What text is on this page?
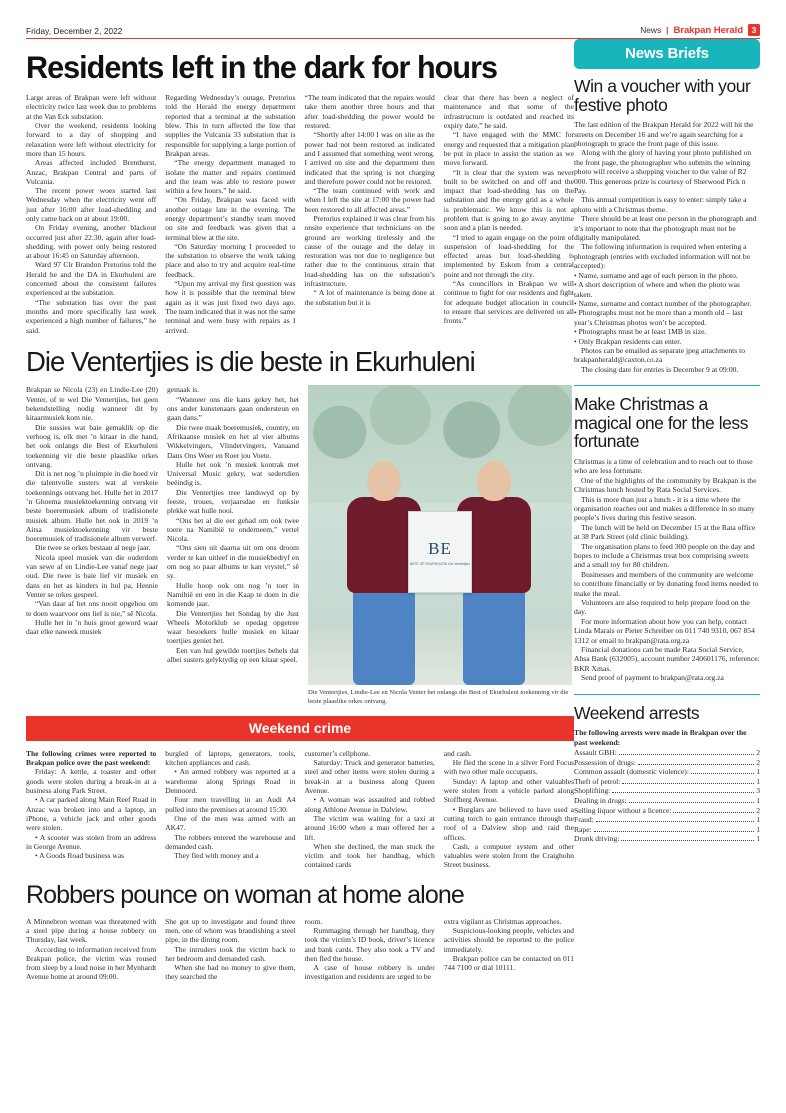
Friday, December 2, 2022	News | Brakpan Herald	3
Residents left in the dark for hours

Large areas of Brakpan were left without electricity twice last week due to problems at the Van Eck substation.

Over the weekend, residents looking forward to a day of shopping and relaxation were left without electricity for more than 15 hours.

Areas affected included Brenthurst, Anzac, Brakpan Central and parts of Vulcania.

The recent power woes started last Wednesday when the electricity went off just after 16:00 after load-shedding and only came back on at about 19:00.

On Friday evening, another blackout occurred just after 22:30, again after load-shedding, with power only being restored at about 16:45 on Saturday afternoon.

Ward 97 Clr Brandon Pretorius told the Herald he and the DA in Ekurhuleni are concerned about the consistent failures experienced at the substation.

“The substation has over the past months and more specifically last week experienced a high number of failures,” he said.

Regarding Wednesday’s outage, Pretorius told the Herald the energy department reported that a terminal at the substation blew. This in turn affected the line that supplies the Vulcania 33 substation that is responsible for supplying a large portion of Brakpan areas.

“The energy department managed to isolate the matter and repairs continued and the team was able to restore power within a few hours,” he said.

“On Friday, Brakpan was faced with another outage late in the evening. The energy department’s standby team moved on site and feedback was given that a terminal blew at the site.

“On Saturday morning I proceeded to the substation to observe the work taking place and also to try and acquire real-time feedback.

“Upon my arrival my first question was how it is possible that the terminal blew again as it was just fixed two days ago. The team indicated that it was not the same terminal and were busy with repairs as I arrived.

“The team indicated that the repairs would take them another three hours and that after load-shedding the power would be restored.

“Shortly after 14:00 I was on site as the power had not been restored as indicated and I assumed that something went wrong. I arrived on site and the department then indicated that the spring is not charging and therefore power could not be restored.

“The team continued with work and when I left the site at 17:00 the power had been restored to all affected areas.”

Pretorius explained it was clear from his onsite experience that technicians on the ground are working tirelessly and the cause of the outage and the delay in restoration was not due to negligence but rather due to the continuous strain that load-shedding has on the substation’s infrastructure.

“ A lot of maintenance is being done at the substation but it is

clear that there has been a neglect of maintenance and that some of the infrastructure is outdated and reached its expiry date,” he said.

“I have engaged with the MMC for energy and requested that a mitigation plan be put in place to assist the station as we move forward.

“It is clear that the system was never built to be switched on and off and the impact that load-shedding has on the substation and the energy grid as a whole is problematic. We know this is not a problem that is going to go away anytime soon and a plan is needed.

“I tried to again engage on the point of suspension of load-shedding for the effected areas but load-shedding is implemented by Eskom from a central point and not through the city.

“As councillors in Brakpan we will continue to fight for our residents and fight for adequate budget allocation in council to ensure that services are delivered on all fronts.”

Die Ventertjies is die beste in Ekurhuleni

Brakpan se Nicola (23) en Lindie-Lee (20) Venter, of te wel Die Ventertjies, het geen bekendstelling nodig wanneer dit by kitaarmusiek kom nie.

Die sussies wat baie gemaklik op die verhoog is, elk met ’n kitaar in die hand, het ook onlangs die Best of Ekurhuleni toekenning vir die beste plaaslike orkes ontvang.

Dit is net nog ’n pluimpie in die hoed vir die talentvolle susters wat al verskeie toekennings ontvang het. Hulle het in 2017 ’n Ghoema musiektoekenning ontvang vir beste boeremusiek album of tradisionele musiek album. Hulle het ook in 2019 ’n Aitsa musiektoekenning vir beste boeremusiek of tradisionele album verwerf.

Die twee se orkes bestaan al nege jaar.

Nicola speel musiek van die ouderdom van sewe af en Lindie-Lee vanaf nege jaar oud. Die twee is baie lief vir musiek en dans en het as kinders in hul pa, Hennie Venter se orkes gespeel.

“Van daar af het ons nooit opgehou om te doen waarvoor ons lief is nie,” sê Nicola.

Hulle het in ’n huis groot geword waar daar elke naweek musiek

gemaak is.

“Wanneer ons die kans gekry het, het ons ander kunstenaars gaan ondersteun en gaan dans.”

Die twee maak boeremusiek, country, en Afrikaanse musiek en het al vier albums Wikkelvingers, Vlindervingers, Vanaand Dans Ons Weer en Roer jou Voete.

Hulle het ook ’n musiek kontrak met Universal Music gekry, wat sedertdien beëindig is.

Die Ventertjies tree landswyd op by feeste, troues, verjaarsdae en funksie plekke wat hulle nooi.

“Ons het al die eer gehad om ook twee toere na Namibië te onderneem,” vertel Nicola.

“Ons sien uit daarna uit om ons droom verder te kan uitleef in die musiekbedryf en om nog so paar albums te kan vrystel,” sê sy.

Hulle hoop ook om nog ’n toer in Namibië en een in die Kaap te doen in die komende jaar.

Die Ventertjies het Sondag by die Just Wheels Motorklub se opedag opgetree waar besoekers hulle musiek en kitaar toertjies geniet het.

Een van hul gewilde toertjies behels dat albei susters gelyktydig op een kitaar speel.

BE
BEST OF EKURHULENI Die Ventertjies
Die Ventertjies, Lindie-Lee en Nicola Venter het onlangs die Best of Ekurhuleni toekenning vir die beste plaaslike orkes ontvang.
Weekend crime

The following crimes were reported to Brakpan police over the past weekend:

Friday: A kettle, a toaster and other goods were stolen during a break-in at a business along Park Street.

• A car parked along Main Reef Road in Anzac was broken into and a laptop, an iPhone, a vehicle jack and other goods were stolen.

• A scooter was stolen from an address in George Avenue.

• A Goods Road business was

burgled of laptops, generators, tools, kitchen appliances and cash.

• An armed robbery was reported at a warehouse along Springs Road in Dennoord.

Four men travelling in an Audi A4 pulled into the premises at around 15:30.

One of the men was armed with an AK47.

The robbers entered the warehouse and demanded cash.

They fled with money and a

customer’s cellphone.

Saturday: Truck and generator batteries, steel and other items were stolen during a break-in at a business along Queen Avenue.

• A woman was assaulted and robbed along Athlone Avenue in Dalview.

The victim was waiting for a taxi at around 16:00 when a man offered her a lift.

When she declined, the man stuck the victim and took her handbag, which contained cards

and cash.

He fled the scene in a silver Ford Focus with two other male occupants.

Sunday: A laptop and other valuables were stolen from a vehicle parked along Stoffberg Avenue.

• Burglars are believed to have used a cutting torch to gain entrance through the roof of a Dalview shop and raid the offices.

Cash, a computer system and other valuables were stolen from the Craighohn Street business.

Robbers pounce on woman at home alone

A Minnebron woman was threatened with a steel pipe during a house robbery on Thursday, last week.

According to information received from Brakpan police, the victim was roused from sleep by a loud noise in her Mynhardt Avenue home at around 09:00.

She got up to investigate and found three men, one of whom was brandishing a steel pipe, in the dining room.

The intruders took the victim back to her bedroom and demanded cash.

When she had no money to give them, they searched the

room.

Rummaging through her handbag, they took the victim’s ID book, driver’s licence and bank cards. They also took a TV and then fled the house.

A case of house robbery is under investigation and residents are urged to be

extra vigilant as Christmas approaches.

Suspicious-looking people, vehicles and activities should be reported to the police immediately.

Brakpan police can be contacted on 011 744 7100 or dial 10111.

News Briefs
Win a voucher with your festive photo

The last edition of the Brakpan Herald for 2022 will hit the streets on December 16 and we’re again searching for a photograph to grace the front page of this issue.

Along with the glory of having your photo published on the front page, the photographer who submits the winning photo will receive a shopping voucher to the value of R2 000. This generous prize is courtesy of Sherwood Pick n Pay.

This annual competition is easy to enter: simply take a photo with a Christmas theme.

There should be at least one person in the photograph and it’s important to note that the photograph must not be digitally manipulated.

The following information is required when entering a photograph (entries with excluded information will not be accepted):

• Name, surname and age of each person in the photo.

• A short description of where and when the photo was taken.

• Name, surname and contact number of the photographer.

• Photographs must not be more than a month old – last year’s Christmas photos won’t be accepted.

• Photographs must be at least 1MB in size.

• Only Brakpan residents can enter.

Photos can be emailed as separate jpeg attachments to brakpanherald@caxton.co.za

The closing date for entries is December 9 at 09:00.

Make Christmas a magical one for the less fortunate

Christmas is a time of celebration and to reach out to those who are less fortunate.

One of the highlights of the community by Brakpan is the Christmas lunch hosted by Rata Social Services.

This is more than just a lunch - it is a time where the organisation reaches out and makes a difference in so many people’s lives during this festive season.

The lunch will be held on December 15 at the Rata office at 38 Park Street (old clinic building).

The organisation plans to feed 300 people on the day and hopes to include a Christmas treat box comprising sweets and a small toy for 80 children.

Businesses and members of the community are welcome to contribute financially or by donating food items needed to make the meal.

Volunteers are also required to help prepare food on the day.

For more information about how you can help, contact Linda Marais or Pieter Schreiber on 011 740 9310, 067 854 1312 or email to brakpan@rata.org.za

Financial donations can be made Rata Social Service, Absa Bank (632005), account number 240601176, reference: BKR Xmas.

Send proof of payment to brakpan@rata.org.za

Weekend arrests

The following arrests were made in Brakpan over the past weekend:

Assault GBH:	2
Possession of drugs:	2
Common assault (domestic violence):	1
Theft of petrol:	1
Shoplifting:	3
Dealing in drugs:	1
Selling liquor without a licence:	2
Fraud:	1
Rape:	1
Drunk driving:	1
